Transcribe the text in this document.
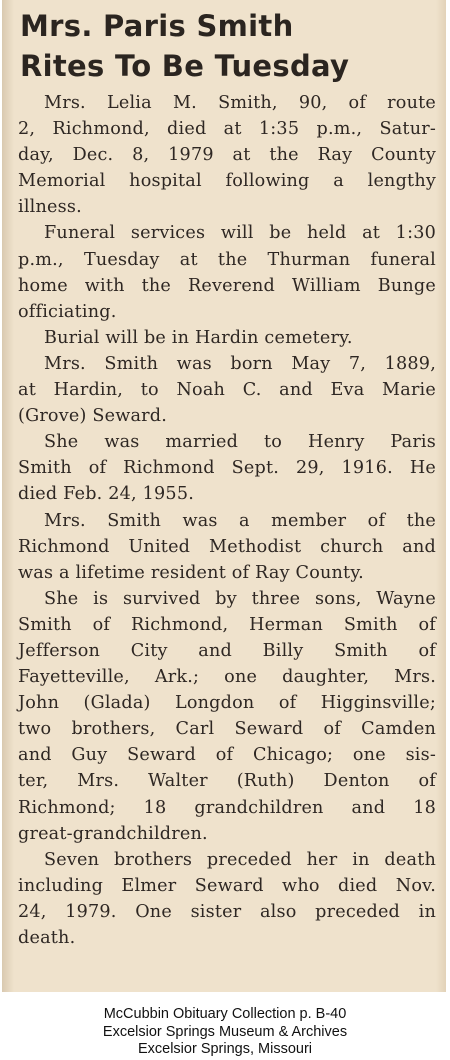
Mrs. Paris Smith
Rites To Be Tuesday

Mrs. Lelia M. Smith, 90, of route
2, Richmond, died at 1:35 p.m., Satur-
day, Dec. 8, 1979 at the Ray County
Memorial hospital following a lengthy
illness.

Funeral services will be held at 1:30
p.m., Tuesday at the Thurman funeral
home with the Reverend William Bunge
officiating.

Burial will be in Hardin cemetery.

Mrs. Smith was born May 7, 1889,
at Hardin, to Noah C. and Eva Marie
(Grove) Seward.

She was married to Henry Paris
Smith of Richmond Sept. 29, 1916. He
died Feb. 24, 1955.

Mrs. Smith was a member of the
Richmond United Methodist church and
was a lifetime resident of Ray County.

She is survived by three sons, Wayne
Smith of Richmond, Herman Smith of
Jefferson City and Billy Smith of
Fayetteville, Ark.; one daughter, Mrs.
John (Glada) Longdon of Higginsville;
two brothers, Carl Seward of Camden
and Guy Seward of Chicago; one sis-
ter, Mrs. Walter (Ruth) Denton of
Richmond; 18 grandchildren and 18
great-grandchildren.

Seven brothers preceded her in death
including Elmer Seward who died Nov.
24, 1979. One sister also preceded in
death.

McCubbin Obituary Collection p. B-40
Excelsior Springs Museum & Archives
Excelsior Springs, Missouri
